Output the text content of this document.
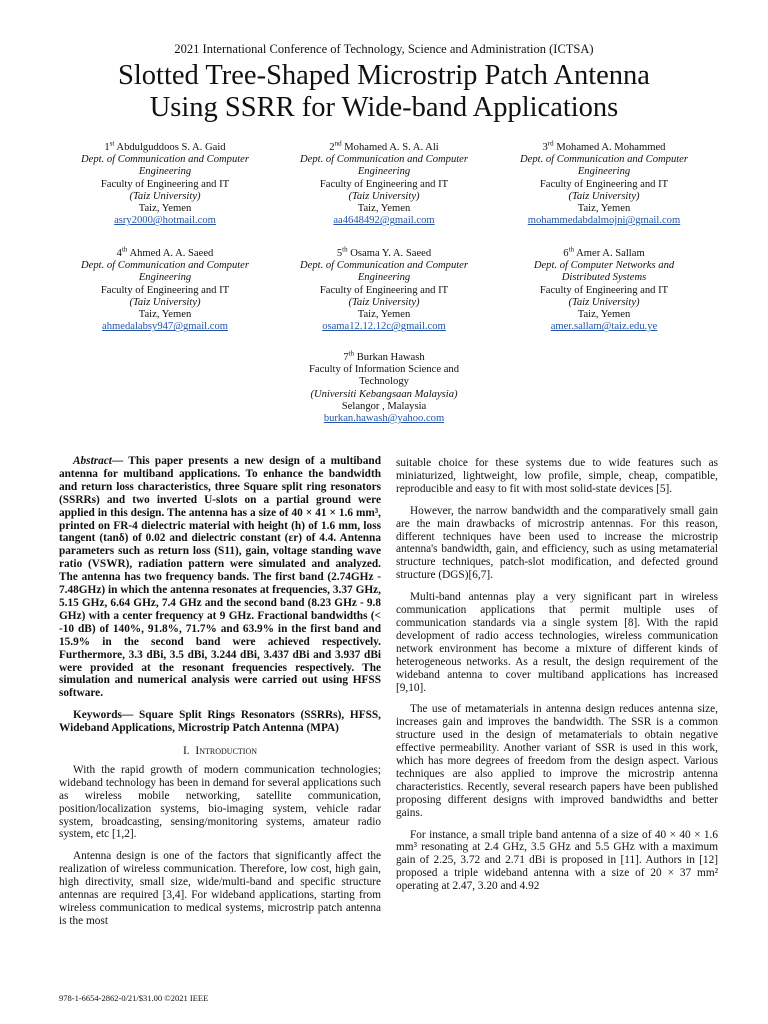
2021 International Conference of Technology, Science and Administration (ICTSA)
Slotted Tree-Shaped Microstrip Patch Antenna
Using SSRR for Wide-band Applications
1st Abdulguddoos S. A. Gaid
Dept. of Communication and Computer
Engineering
Faculty of Engineering and IT
(Taiz University)
Taiz, Yemen
asry2000@hotmail.com
2nd Mohamed A. S. A. Ali
Dept. of Communication and Computer
Engineering
Faculty of Engineering and IT
(Taiz University)
Taiz, Yemen
aa4648492@gmail.com
3rd Mohamed A. Mohammed
Dept. of Communication and Computer
Engineering
Faculty of Engineering and IT
(Taiz University)
Taiz, Yemen
mohammedabdalmojni@gmail.com
4th Ahmed A. A. Saeed
Dept. of Communication and Computer
Engineering
Faculty of Engineering and IT
(Taiz University)
Taiz, Yemen
ahmedalabsy947@gmail.com
5th Osama Y. A. Saeed
Dept. of Communication and Computer
Engineering
Faculty of Engineering and IT
(Taiz University)
Taiz, Yemen
osama12.12.12c@gmail.com
6th Amer A. Sallam
Dept. of Computer Networks and
Distributed Systems
Faculty of Engineering and IT
(Taiz University)
Taiz, Yemen
amer.sallam@taiz.edu.ye
7th Burkan Hawash
Faculty of Information Science and
Technology
(Universiti Kebangsaan Malaysia)
Selangor , Malaysia
burkan.hawash@yahoo.com

Abstract— This paper presents a new design of a multiband antenna for multiband applications. To enhance the bandwidth and return loss characteristics, three Square split ring resonators (SSRRs) and two inverted U-slots on a partial ground were applied in this design. The antenna has a size of 40 × 41 × 1.6 mm³, printed on FR-4 dielectric material with height (h) of 1.6 mm, loss tangent (tanδ) of 0.02 and dielectric constant (εr) of 4.4. Antenna parameters such as return loss (S11), gain, voltage standing wave ratio (VSWR), radiation pattern were simulated and analyzed. The antenna has two frequency bands. The first band (2.74GHz - 7.48GHz) in which the antenna resonates at frequencies, 3.37 GHz, 5.15 GHz, 6.64 GHz, 7.4 GHz and the second band (8.23 GHz - 9.8 GHz) with a center frequency at 9 GHz. Fractional bandwidths (< -10 dB) of 140%, 91.8%, 71.7% and 63.9% in the first band and 15.9% in the second band were achieved respectively. Furthermore, 3.3 dBi, 3.5 dBi, 3.244 dBi, 3.437 dBi and 3.937 dBi were provided at the resonant frequencies respectively. The simulation and numerical analysis were carried out using HFSS software.

Keywords— Square Split Rings Resonators (SSRRs), HFSS, Wideband Applications, Microstrip Patch Antenna (MPA)

I. Introduction

With the rapid growth of modern communication technologies; wideband technology has been in demand for several applications such as wireless mobile networking, satellite communication, position/localization systems, bio-imaging system, vehicle radar system, broadcasting, sensing/monitoring systems, amateur radio system, etc [1,2].

Antenna design is one of the factors that significantly affect the realization of wireless communication. Therefore, low cost, high gain, high directivity, small size, wide/multi-band and specific structure antennas are required [3,4]. For wideband applications, starting from wireless communication to medical systems, microstrip patch antenna is the most

suitable choice for these systems due to wide features such as miniaturized, lightweight, low profile, simple, cheap, compatible, reproducible and easy to fit with most solid-state devices [5].

However, the narrow bandwidth and the comparatively small gain are the main drawbacks of microstrip antennas. For this reason, different techniques have been used to increase the microstrip antenna's bandwidth, gain, and efficiency, such as using metamaterial structure techniques, patch-slot modification, and defected ground structure (DGS)[6,7].

Multi-band antennas play a very significant part in wireless communication applications that permit multiple uses of communication standards via a single system [8]. With the rapid development of radio access technologies, wireless communication network environment has become a mixture of different kinds of heterogeneous networks. As a result, the design requirement of the wideband antenna to cover multiband applications has increased [9,10].

The use of metamaterials in antenna design reduces antenna size, increases gain and improves the bandwidth. The SSR is a common structure used in the design of metamaterials to obtain negative effective permeability. Another variant of SSR is used in this work, which has more degrees of freedom from the design aspect. Various techniques are also applied to improve the microstrip antenna characteristics. Recently, several research papers have been published proposing different designs with improved bandwidths and better gains.

For instance, a small triple band antenna of a size of 40 × 40 × 1.6 mm³ resonating at 2.4 GHz, 3.5 GHz and 5.5 GHz with a maximum gain of 2.25, 3.72 and 2.71 dBi is proposed in [11]. Authors in [12] proposed a triple wideband antenna with a size of 20 × 37 mm² operating at 2.47, 3.20 and 4.92

978-1-6654-2862-0/21/$31.00 ©2021 IEEE
